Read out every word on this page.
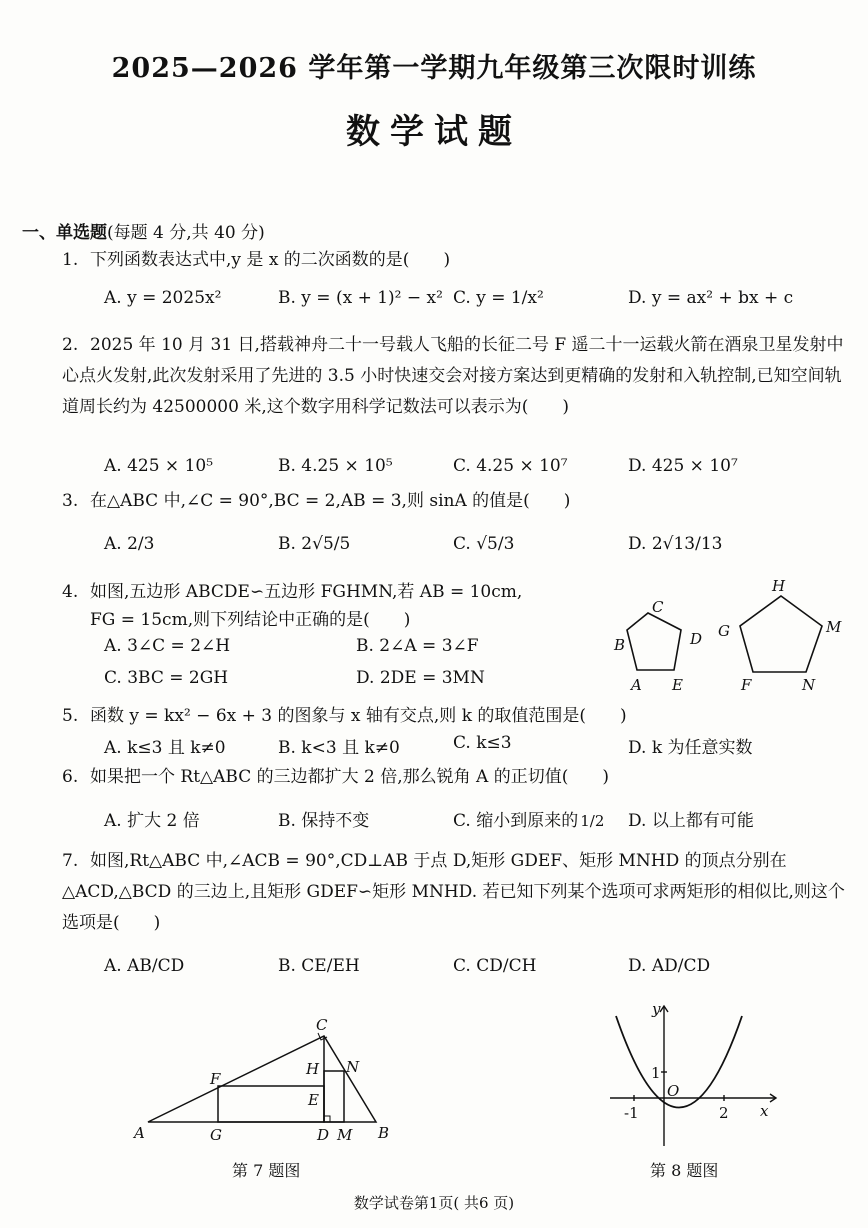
2025—2026 学年第一学期九年级第三次限时训练
数学试题
一、单选题(每题 4 分,共 40 分)
1. 下列函数表达式中,y 是 x 的二次函数的是(　　)
A. y = 2025x²	B. y = (x + 1)² − x² C. y = 1/x²	D. y = ax² + bx + c
2. 2025 年 10 月 31 日,搭载神舟二十一号载人飞船的长征二号 F 遥二十一运载火箭在酒泉卫星发射中心点火发射,此次发射采用了先进的 3.5 小时快速交会对接方案达到更精确的发射和入轨控制,已知空间轨道周长约为 42500000 米,这个数字用科学记数法可以表示为(　　)
A. 425 × 10⁵	B. 4.25 × 10⁵	C. 4.25 × 10⁷	D. 425 × 10⁷
3. 在△ABC 中,∠C = 90°,BC = 2,AB = 3,则 sinA 的值是(　　)
A. 2/3	B. 2√5/5	C. √5/3	D. 2√13/13
4. 如图,五边形 ABCDE∽五边形 FGHMN,若 AB = 10cm,
FG = 15cm,则下列结论中正确的是(　　)
A. 3∠C = 2∠H	B. 2∠A = 3∠F
C. 3BC = 2GH	D. 2DE = 3MN	A
B
C
D
E	F
G
H
M
N
5. 函数 y = kx² − 6x + 3 的图象与 x 轴有交点,则 k 的取值范围是(　　)
A. k≤3 且 k≠0	B. k<3 且 k≠0	C. k≤3	D. k 为任意实数
6. 如果把一个 Rt△ABC 的三边都扩大 2 倍,那么锐角 A 的正切值(　　)
A. 扩大 2 倍	B. 保持不变	C. 缩小到原来的 1/2 D. 以上都有可能
7. 如图,Rt△ABC 中,∠ACB = 90°,CD⊥AB 于点 D,矩形 GDEF、矩形 MNHD 的顶点分别在△ACD,△BCD 的三边上,且矩形 GDEF∽矩形 MNHD. 若已知下列某个选项可求两矩形的相似比,则这个选项是(　　)
A. AB/CD	B. CE/EH	C. CD/CH	D. AD/CD
A	B
C
D
E
F
G
H
M
N
第 7 题图
y
x
O
1
-1	2
第 8 题图
数学试卷第1页( 共6 页)
